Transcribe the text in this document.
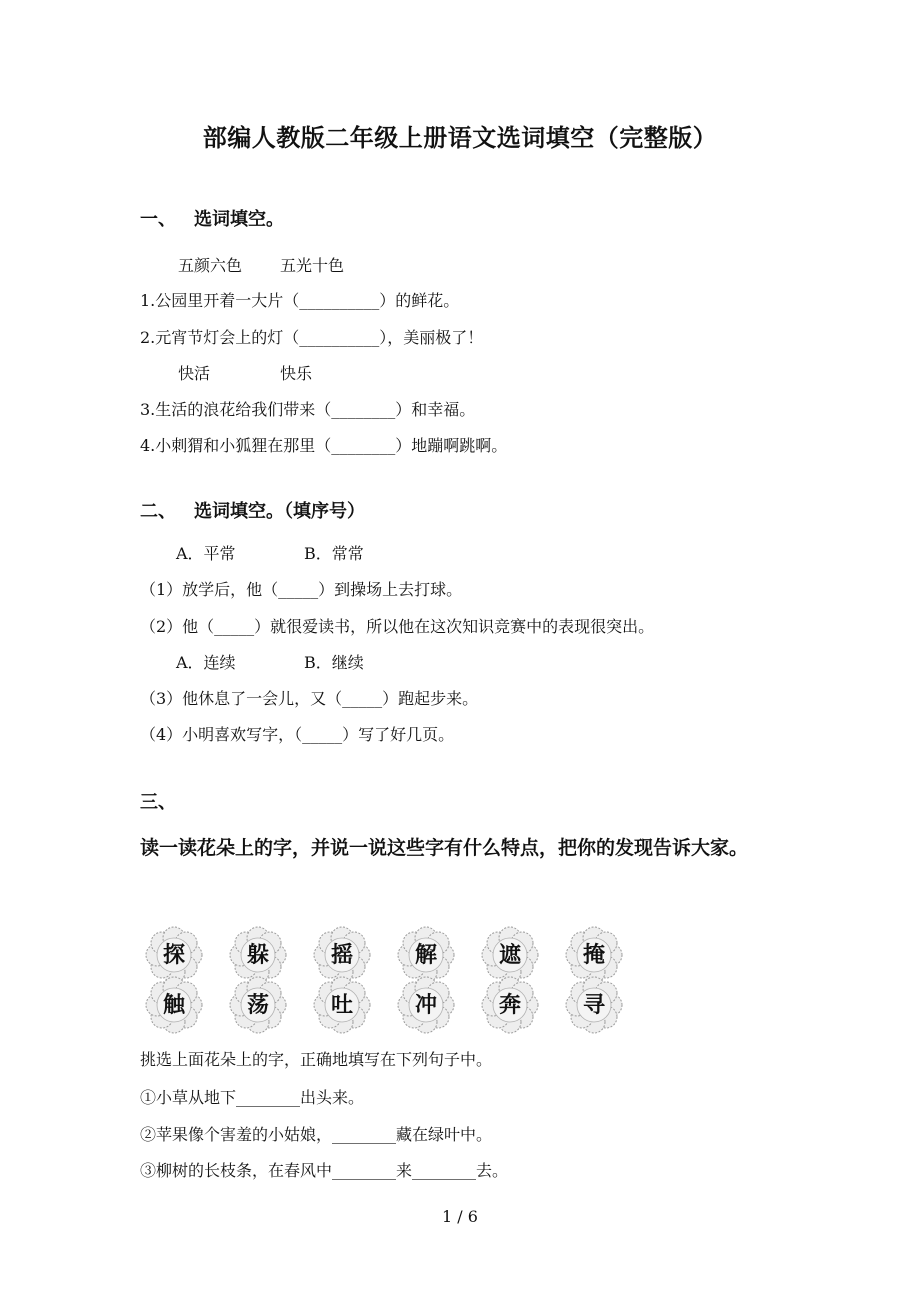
部编人教版二年级上册语文选词填空（完整版）
一、 选词填空。
五颜六色 五光十色
1.公园里开着一大片（__________）的鲜花。
2.元宵节灯会上的灯（__________），美丽极了！
快活	快乐
3.生活的浪花给我们带来（________）和幸福。
4.小刺猬和小狐狸在那里（________）地蹦啊跳啊。
二、 选词填空。（填序号）
A．平常	B．常常
（1）放学后，他（_____）到操场上去打球。
（2）他（_____）就很爱读书，所以他在这次知识竞赛中的表现很突出。
A．连续	B．继续
（3）他休息了一会儿，又（_____）跑起步来。
（4）小明喜欢写字，（_____）写了好几页。
三、
读一读花朵上的字，并说一说这些字有什么特点，把你的发现告诉大家。
探	躲	摇	解	遮	掩
触	荡	吐	冲	奔	寻
挑选上面花朵上的字，正确地填写在下列句子中。
①小草从地下________出头来。
②苹果像个害羞的小姑娘，________藏在绿叶中。
③柳树的长枝条，在春风中________来________去。
1 / 6
